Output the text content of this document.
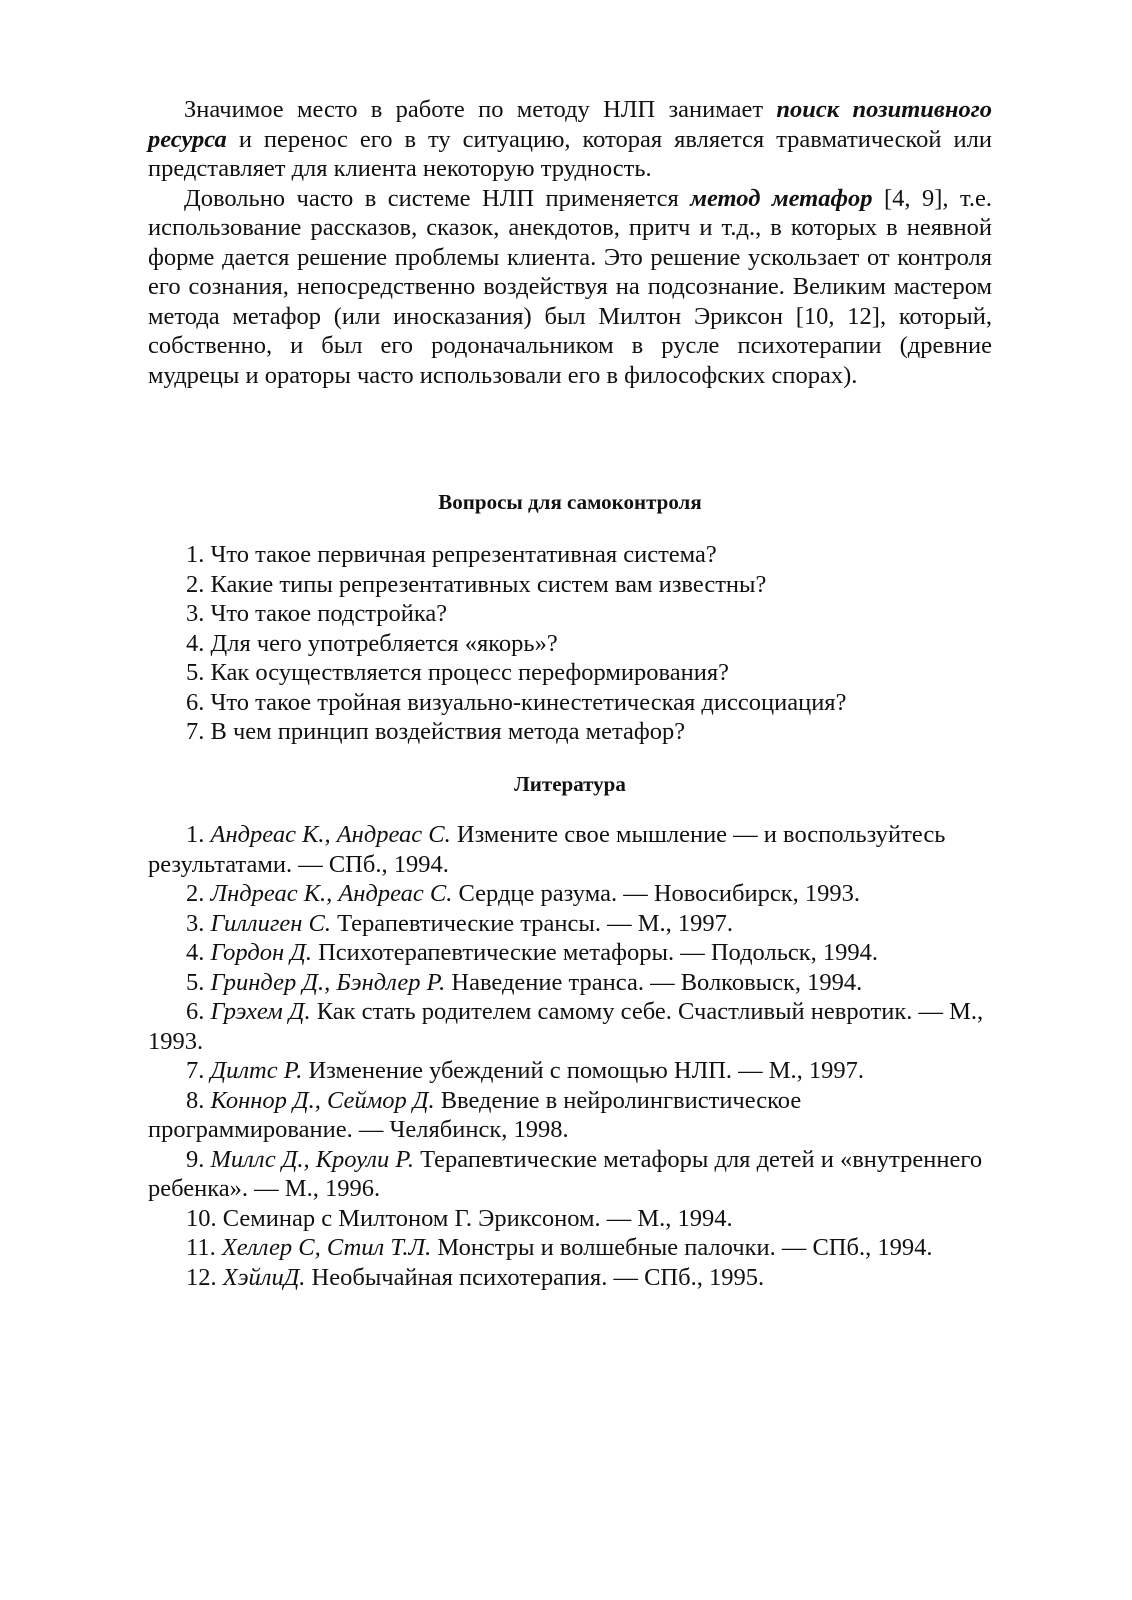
Значимое место в работе по методу НЛП занимает поиск позитивного ресурса и перенос его в ту ситуацию, которая является травматической или представляет для клиента некоторую трудность.

Довольно часто в системе НЛП применяется метод метафор [4, 9], т.е. использование рассказов, сказок, анекдотов, притч и т.д., в которых в неявной форме дается решение проблемы клиента. Это решение ускользает от контроля его сознания, непосредственно воздействуя на подсознание. Великим мастером метода метафор (или иносказания) был Милтон Эриксон [10, 12], который, собственно, и был его родоначальником в русле психотерапии (древние мудрецы и ораторы часто использовали его в философских спорах).

Вопросы для самоконтроля
1. Что такое первичная репрезентативная система?
2. Какие типы репрезентативных систем вам известны?
3. Что такое подстройка?
4. Для чего употребляется «якорь»?
5. Как осуществляется процесс переформирования?
6. Что такое тройная визуально-кинестетическая диссоциация?
7. В чем принцип воздействия метода метафор?
Литература

1. Андреас К., Андреас С. Измените свое мышление — и воспользуйтесь результатами. — СПб., 1994.

2. Лндреас К., Андреас С. Сердце разума. — Новосибирск, 1993.

3. Гиллиген С. Терапевтические трансы. — М., 1997.

4. Гордон Д. Психотерапевтические метафоры. — Подольск, 1994.

5. Гриндер Д., Бэндлер Р. Наведение транса. — Волковыск, 1994.

6. Грэхем Д. Как стать родителем самому себе. Счастливый невротик. — М., 1993.

7. Дилтс Р. Изменение убеждений с помощью НЛП. — М., 1997.

8. Коннор Д., Сеймор Д. Введение в нейролингвистическое программирование. — Челябинск, 1998.

9. Миллс Д., Кроули Р. Терапевтические метафоры для детей и «внутреннего ребенка». — М., 1996.

10. Семинар с Милтоном Г. Эриксоном. — М., 1994.

11. Хеллер С, Стил Т.Л. Монстры и волшебные палочки. — СПб., 1994.

12. ХэйлиД. Необычайная психотерапия. — СПб., 1995.
